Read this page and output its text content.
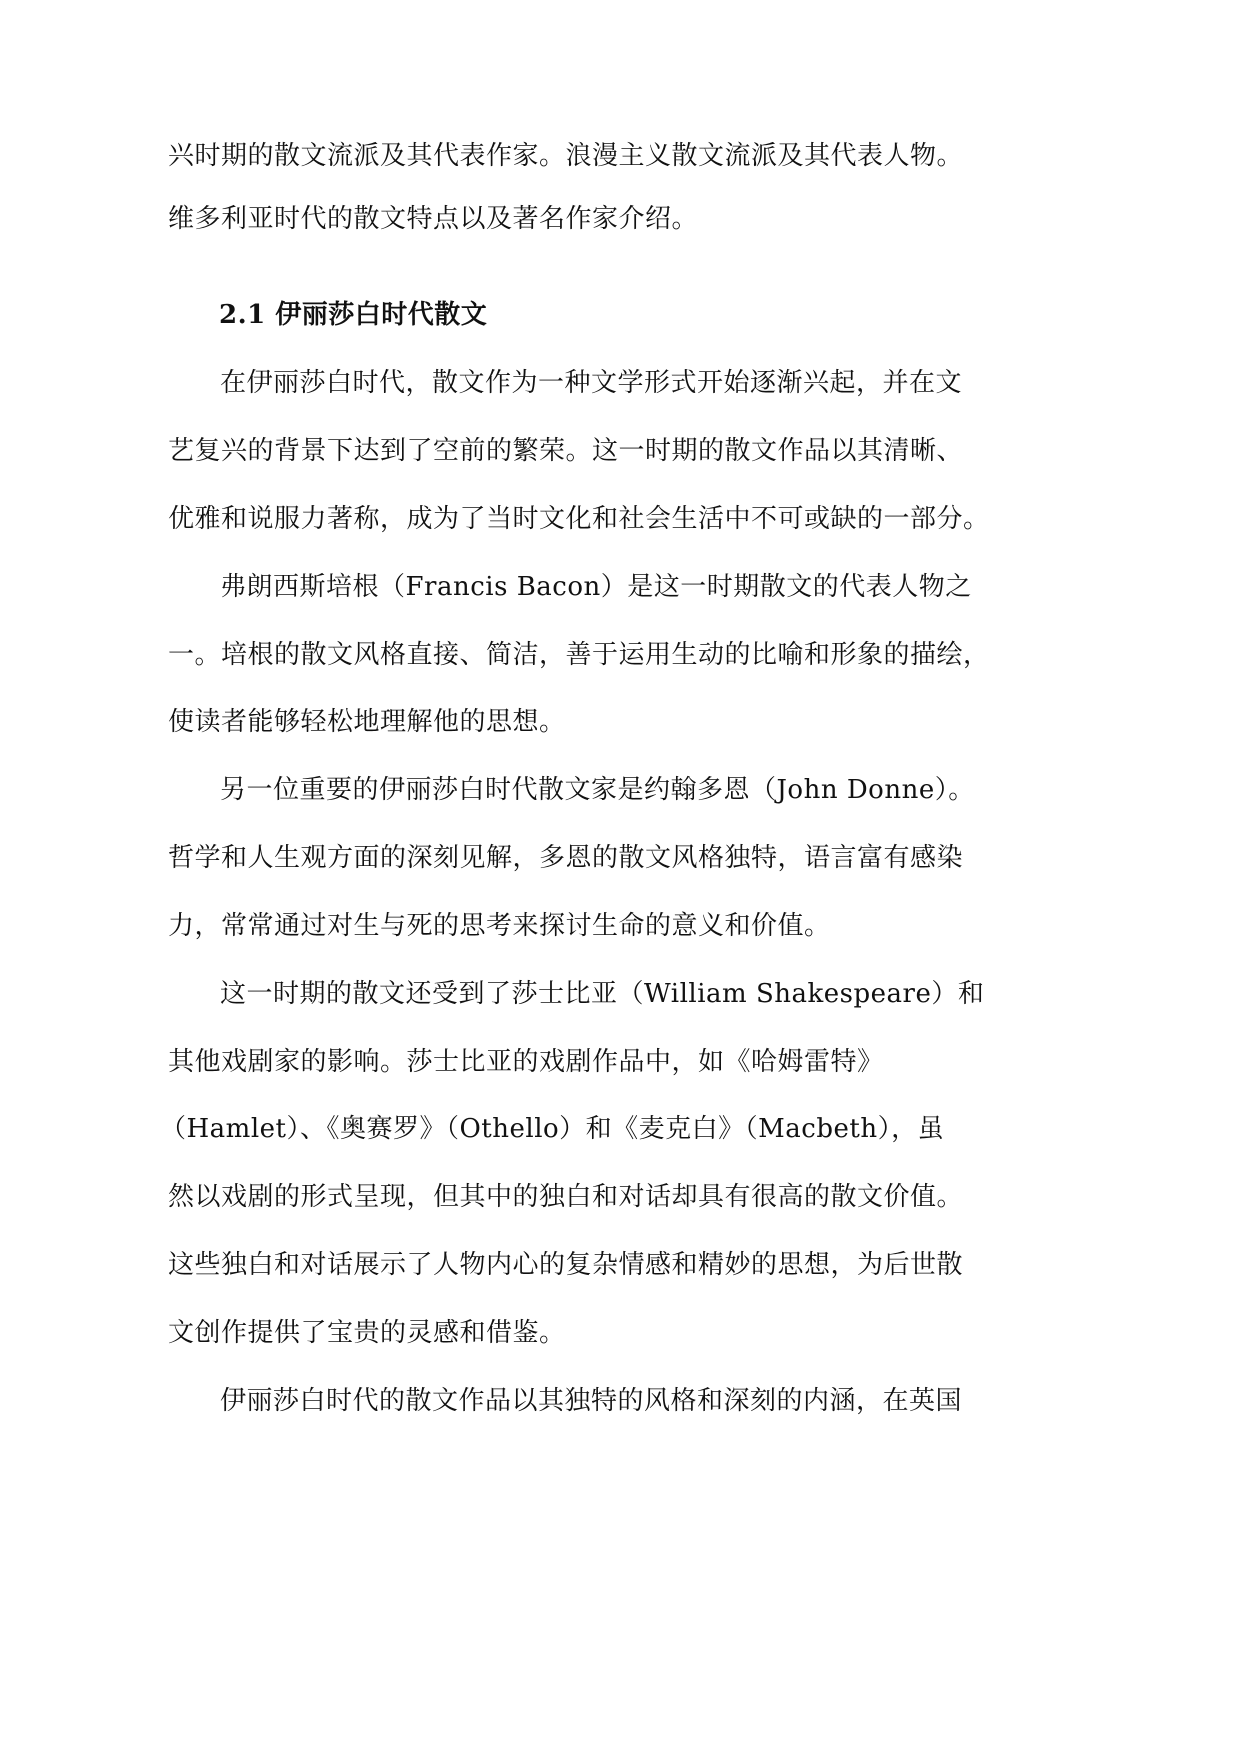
兴时期的散文流派及其代表作家。浪漫主义散文流派及其代表人物。
维多利亚时代的散文特点以及著名作家介绍。
2.1 伊丽莎白时代散文
在伊丽莎白时代，散文作为一种文学形式开始逐渐兴起，并在文
艺复兴的背景下达到了空前的繁荣。这一时期的散文作品以其清晰、
优雅和说服力著称，成为了当时文化和社会生活中不可或缺的一部分。
弗朗西斯培根（Francis Bacon）是这一时期散文的代表人物之
一。培根的散文风格直接、简洁，善于运用生动的比喻和形象的描绘，
使读者能够轻松地理解他的思想。
另一位重要的伊丽莎白时代散文家是约翰多恩（John Donne）。
哲学和人生观方面的深刻见解，多恩的散文风格独特，语言富有感染
力，常常通过对生与死的思考来探讨生命的意义和价值。
这一时期的散文还受到了莎士比亚（William Shakespeare）和
其他戏剧家的影响。莎士比亚的戏剧作品中，如《哈姆雷特》
（Hamlet）、《奥赛罗》（Othello）和《麦克白》（Macbeth），虽
然以戏剧的形式呈现，但其中的独白和对话却具有很高的散文价值。
这些独白和对话展示了人物内心的复杂情感和精妙的思想，为后世散
文创作提供了宝贵的灵感和借鉴。
伊丽莎白时代的散文作品以其独特的风格和深刻的内涵，在英国
